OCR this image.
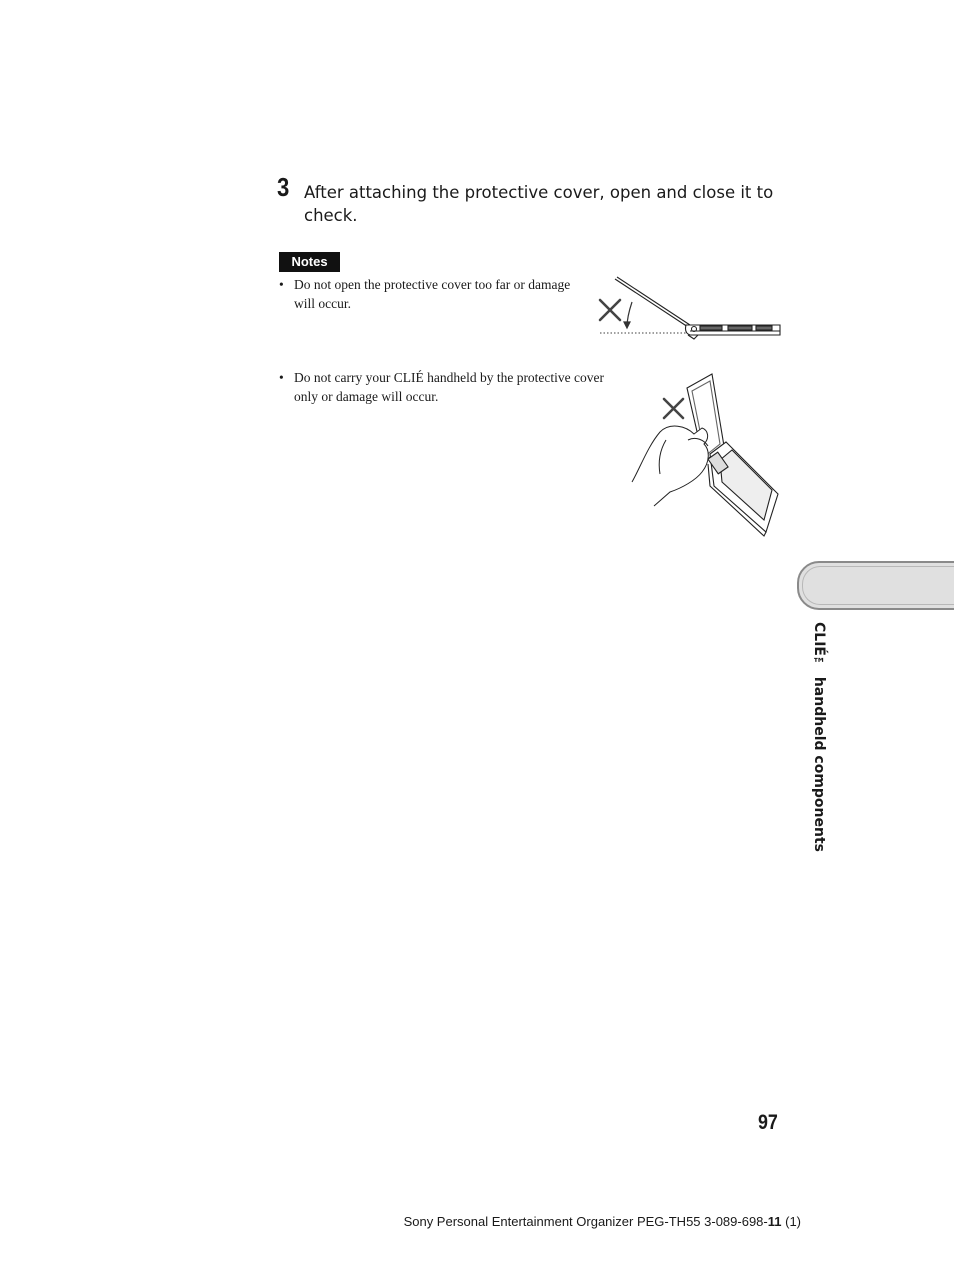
3 After attaching the protective cover, open and close it to check.
Notes
• Do not open the protective cover too far or damage will occur.
• Do not carry your CLIÉ handheld by the protective cover only or damage will occur.
CLIÉ™ handheld components
97
Sony Personal Entertainment Organizer PEG-TH55 3-089-698-11 (1)
